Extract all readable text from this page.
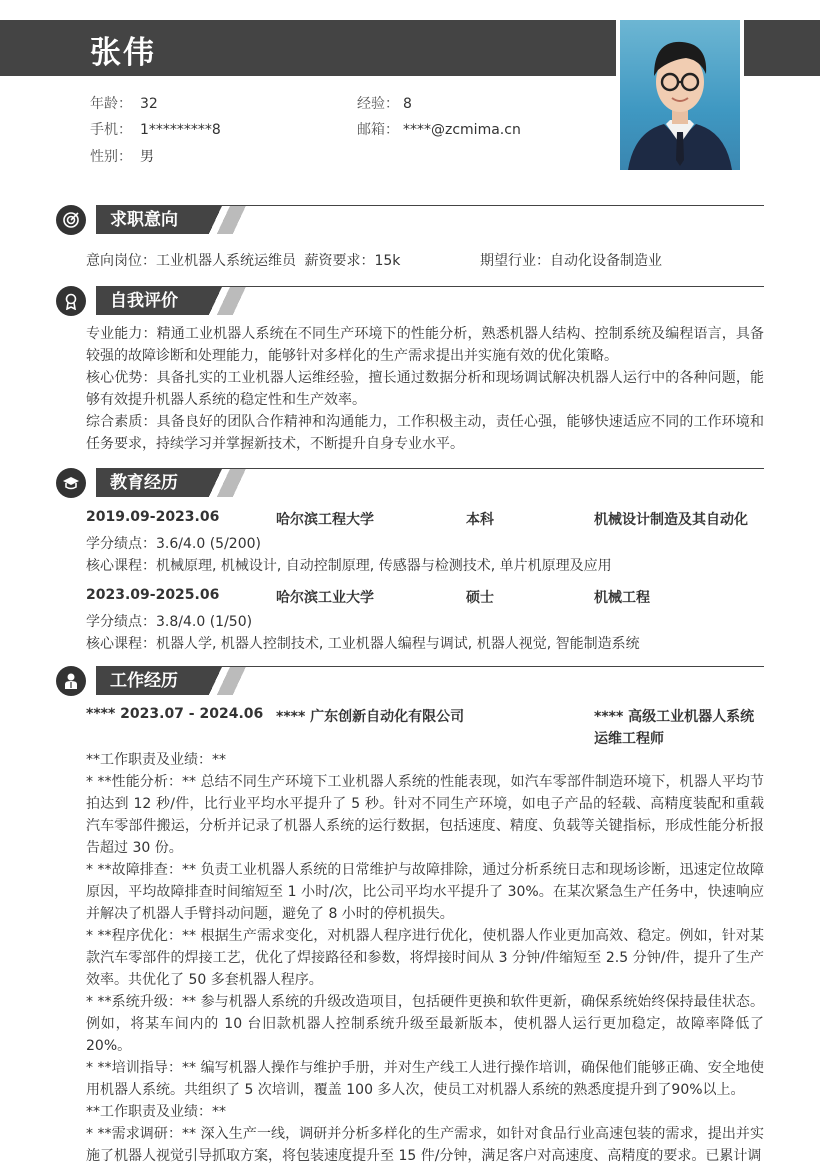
张伟
年龄： 32	经验： 8
手机： 1*********8	邮箱： ****@zcmima.cn
性别： 男
求职意向
意向岗位：工业机器人系统运维员 薪资要求：15k	期望行业：自动化设备制造业
自我评价
专业能力：精通工业机器人系统在不同生产环境下的性能分析，熟悉机器人结构、控制系统及编程语言，具备较强的故障诊断和处理能力，能够针对多样化的生产需求提出并实施有效的优化策略。
核心优势：具备扎实的工业机器人运维经验，擅长通过数据分析和现场调试解决机器人运行中的各种问题，能够有效提升机器人系统的稳定性和生产效率。
综合素质：具备良好的团队合作精神和沟通能力，工作积极主动，责任心强，能够快速适应不同的工作环境和任务要求，持续学习并掌握新技术，不断提升自身专业水平。
教育经历
2019.09-2023.06	哈尔滨工程大学	本科	机械设计制造及其自动化
学分绩点：3.6/4.0 (5/200)
核心课程：机械原理, 机械设计, 自动控制原理, 传感器与检测技术, 单片机原理及应用
2023.09-2025.06	哈尔滨工业大学	硕士	机械工程
学分绩点：3.8/4.0 (1/50)
核心课程：机器人学, 机器人控制技术, 工业机器人编程与调试, 机器人视觉, 智能制造系统
工作经历
**** 2023.07 - 2024.06 **** 广东创新自动化有限公司	**** 高级工业机器人系统运维工程师
**工作职责及业绩：**
* **性能分析：** 总结不同生产环境下工业机器人系统的性能表现，如汽车零部件制造环境下，机器人平均节拍达到 12 秒/件，比行业平均水平提升了 5 秒。针对不同生产环境，如电子产品的轻载、高精度装配和重载汽车零部件搬运，分析并记录了机器人系统的运行数据，包括速度、精度、负载等关键指标，形成性能分析报告超过 30 份。
* **故障排查：** 负责工业机器人系统的日常维护与故障排除，通过分析系统日志和现场诊断，迅速定位故障原因，平均故障排查时间缩短至 1 小时/次，比公司平均水平提升了 30%。在某次紧急生产任务中，快速响应并解决了机器人手臂抖动问题，避免了 8 小时的停机损失。
* **程序优化：** 根据生产需求变化，对机器人程序进行优化，使机器人作业更加高效、稳定。例如，针对某款汽车零部件的焊接工艺，优化了焊接路径和参数，将焊接时间从 3 分钟/件缩短至 2.5 分钟/件，提升了生产效率。共优化了 50 多套机器人程序。
* **系统升级：** 参与机器人系统的升级改造项目，包括硬件更换和软件更新，确保系统始终保持最佳状态。例如，将某车间内的 10 台旧款机器人控制系统升级至最新版本，使机器人运行更加稳定，故障率降低了 20%。
* **培训指导：** 编写机器人操作与维护手册，并对生产线工人进行操作培训，确保他们能够正确、安全地使用机器人系统。共组织了 5 次培训，覆盖 100 多人次，使员工对机器人系统的熟悉度提升到了90%以上。
**工作职责及业绩：**
* **需求调研：** 深入生产一线，调研并分析多样化的生产需求，如针对食品行业高速包装的需求，提出并实施了机器人视觉引导抓取方案，将包装速度提升至 15 件/分钟，满足客户对高速度、高精度的要求。已累计调
